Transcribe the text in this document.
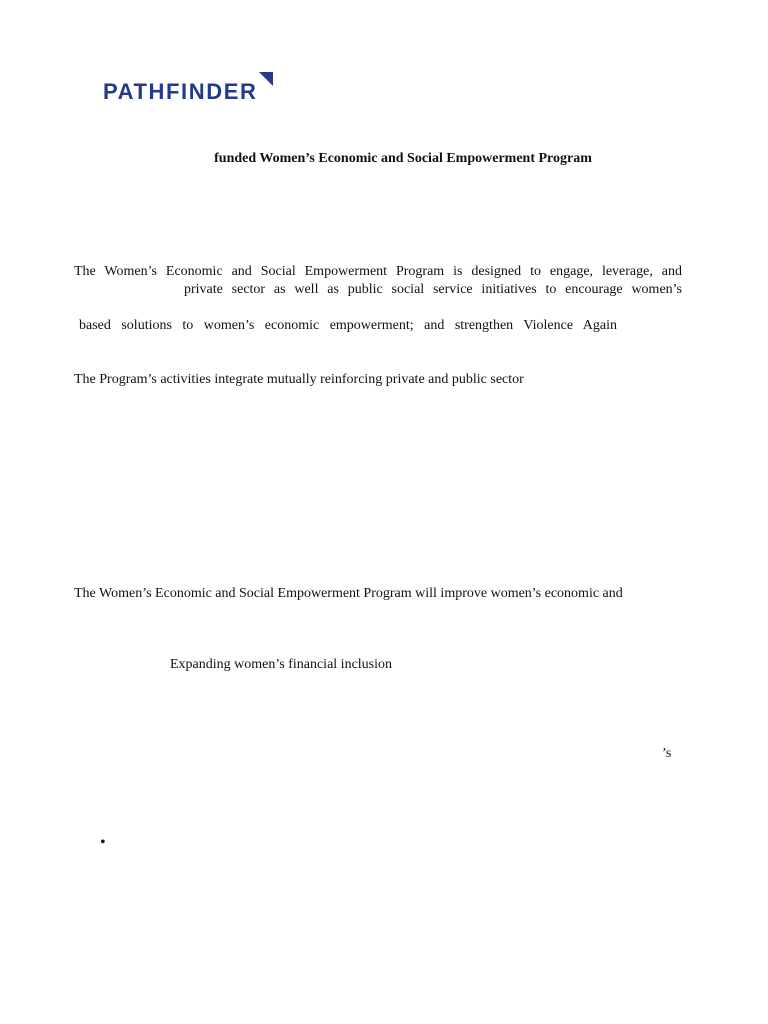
PATHFINDER
funded Women’s Economic and Social Empowerment Program
The Women’s Economic and Social Empowerment Program is designed to engage, leverage, and
private sector as well as public social service initiatives to encourage women’s
based solutions to women’s economic empowerment; and strengthen Violence Again
The Program’s activities integrate mutually reinforcing private and public sector
The Women’s Economic and Social Empowerment Program will improve women’s economic and
Expanding women’s financial inclusion
’s
•
